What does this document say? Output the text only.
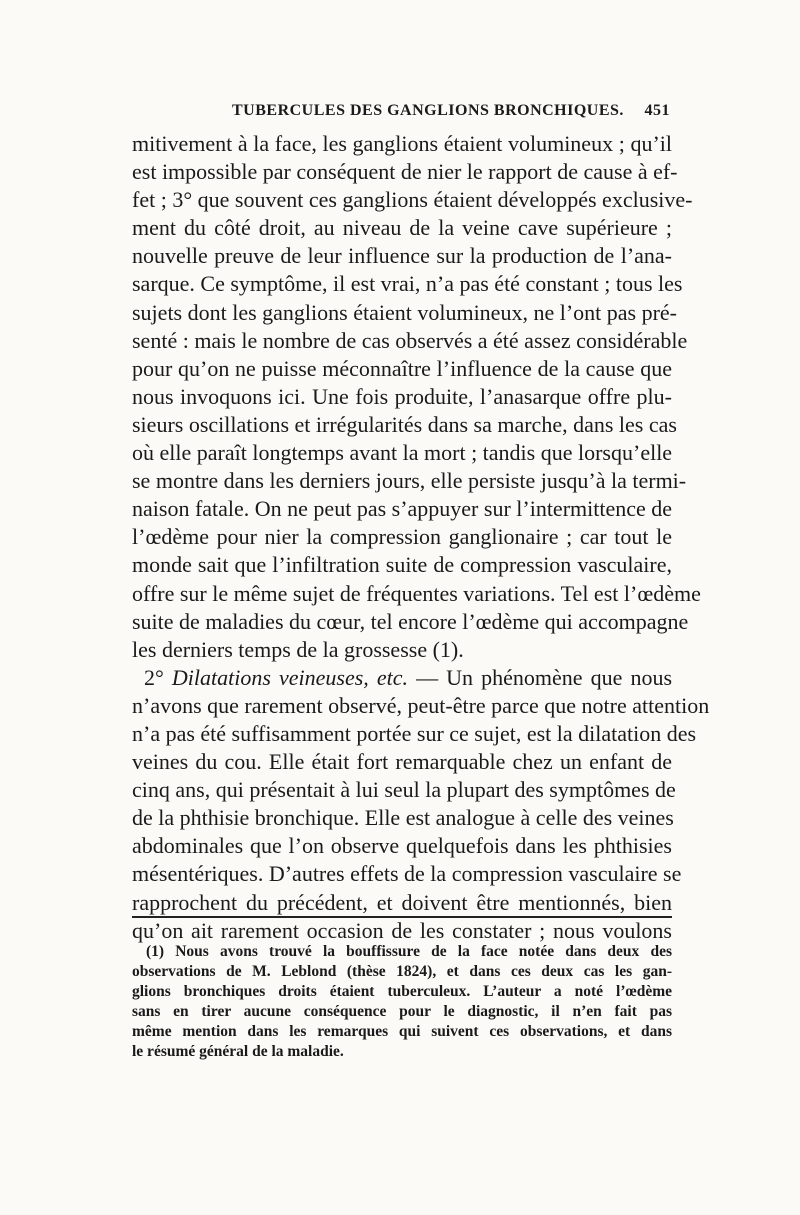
TUBERCULES DES GANGLIONS BRONCHIQUES. 451
mitivement à la face, les ganglions étaient volumineux ; qu’il
est impossible par conséquent de nier le rapport de cause à ef-
fet ; 3° que souvent ces ganglions étaient développés exclusive-
ment du côté droit, au niveau de la veine cave supérieure ;
nouvelle preuve de leur influence sur la production de l’ana-
sarque. Ce symptôme, il est vrai, n’a pas été constant ; tous les
sujets dont les ganglions étaient volumineux, ne l’ont pas pré-
senté : mais le nombre de cas observés a été assez considérable
pour qu’on ne puisse méconnaître l’influence de la cause que
nous invoquons ici. Une fois produite, l’anasarque offre plu-
sieurs oscillations et irrégularités dans sa marche, dans les cas
où elle paraît longtemps avant la mort ; tandis que lorsqu’elle
se montre dans les derniers jours, elle persiste jusqu’à la termi-
naison fatale. On ne peut pas s’appuyer sur l’intermittence de
l’œdème pour nier la compression ganglionaire ; car tout le
monde sait que l’infiltration suite de compression vasculaire,
offre sur le même sujet de fréquentes variations. Tel est l’œdème
suite de maladies du cœur, tel encore l’œdème qui accompagne
les derniers temps de la grossesse (1).
2° Dilatations veineuses, etc. — Un phénomène que nous
n’avons que rarement observé, peut-être parce que notre attention
n’a pas été suffisamment portée sur ce sujet, est la dilatation des
veines du cou. Elle était fort remarquable chez un enfant de
cinq ans, qui présentait à lui seul la plupart des symptômes de
de la phthisie bronchique. Elle est analogue à celle des veines
abdominales que l’on observe quelquefois dans les phthisies
mésentériques. D’autres effets de la compression vasculaire se
rapprochent du précédent, et doivent être mentionnés, bien
qu’on ait rarement occasion de les constater ; nous voulons
(1) Nous avons trouvé la bouffissure de la face notée dans deux des
observations de M. Leblond (thèse 1824), et dans ces deux cas les gan-
glions bronchiques droits étaient tuberculeux. L’auteur a noté l’œdème
sans en tirer aucune conséquence pour le diagnostic, il n’en fait pas
même mention dans les remarques qui suivent ces observations, et dans
le résumé général de la maladie.
